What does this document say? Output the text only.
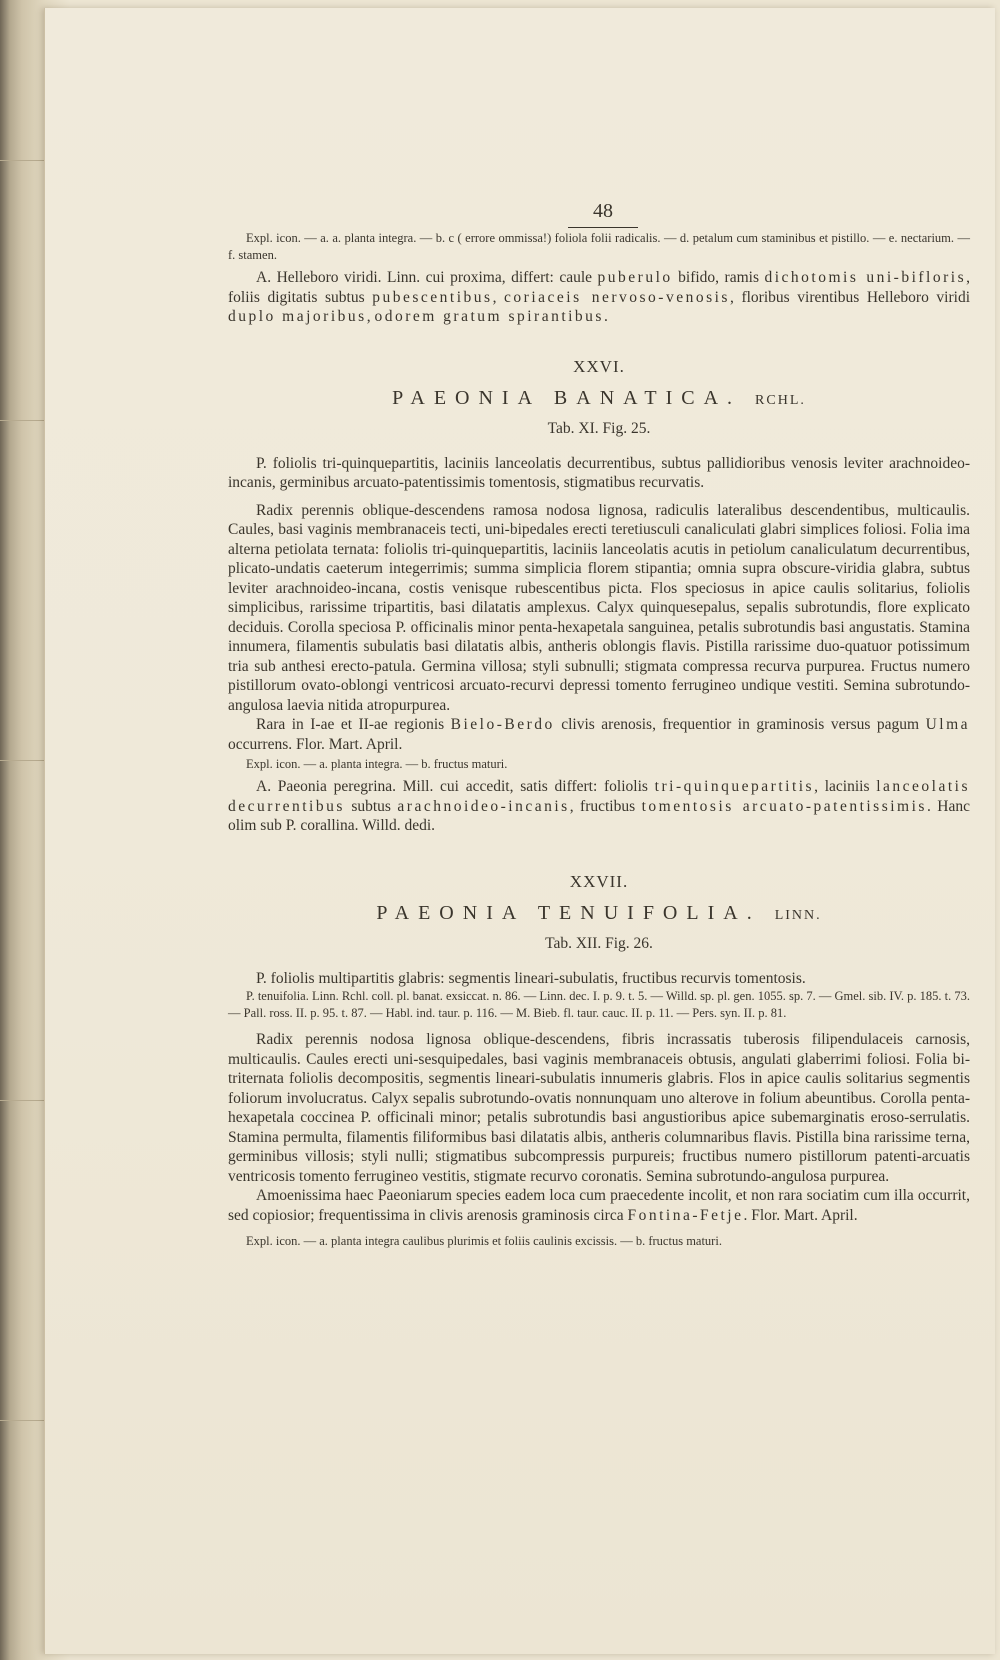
48

Expl. icon. — a. a. planta integra. — b. c ( errore ommissa!) foliola folii radicalis. — d. petalum cum staminibus et pistillo. — e. nectarium. — f. stamen.

A. Helleboro viridi. Linn. cui proxima, differt: caule puberulo bifido, ramis dichotomis uni-bifloris, foliis digitatis subtus pubescentibus, coriaceis nervoso-venosis, floribus virentibus Helleboro viridi duplo majoribus, odorem gratum spirantibus.

XXVI.
PAEONIA BANATICA. RCHL.
Tab. XI. Fig. 25.

P. foliolis tri-quinquepartitis, laciniis lanceolatis decurrentibus, subtus pallidioribus venosis leviter arachnoideo-incanis, germinibus arcuato-patentissimis tomentosis, stigmatibus recurvatis.

Radix perennis oblique-descendens ramosa nodosa lignosa, radiculis lateralibus descendentibus, multicaulis. Caules, basi vaginis membranaceis tecti, uni-bipedales erecti teretiusculi canaliculati glabri simplices foliosi. Folia ima alterna petiolata ternata: foliolis tri-quinquepartitis, laciniis lanceolatis acutis in petiolum canaliculatum decurrentibus, plicato-undatis caeterum integerrimis; summa simplicia florem stipantia; omnia supra obscure-viridia glabra, subtus leviter arachnoideo-incana, costis venisque rubescentibus picta. Flos speciosus in apice caulis solitarius, foliolis simplicibus, rarissime tripartitis, basi dilatatis amplexus. Calyx quinquesepalus, sepalis subrotundis, flore explicato deciduis. Corolla speciosa P. officinalis minor penta-hexapetala sanguinea, petalis subrotundis basi angustatis. Stamina innumera, filamentis subulatis basi dilatatis albis, antheris oblongis flavis. Pistilla rarissime duo-quatuor potissimum tria sub anthesi erecto-patula. Germina villosa; styli subnulli; stigmata compressa recurva purpurea. Fructus numero pistillorum ovato-oblongi ventricosi arcuato-recurvi depressi tomento ferrugineo undique vestiti. Semina subrotundo-angulosa laevia nitida atropurpurea.

Rara in I-ae et II-ae regionis Bielo-Berdo clivis arenosis, frequentior in graminosis versus pagum Ulma occurrens. Flor. Mart. April.

Expl. icon. — a. planta integra. — b. fructus maturi.

A. Paeonia peregrina. Mill. cui accedit, satis differt: foliolis tri-quinquepartitis, laciniis lanceolatis decurrentibus subtus arachnoideo-incanis, fructibus tomentosis arcuato-patentissimis. Hanc olim sub P. corallina. Willd. dedi.

XXVII.
PAEONIA TENUIFOLIA. LINN.
Tab. XII. Fig. 26.

P. foliolis multipartitis glabris: segmentis lineari-subulatis, fructibus recurvis tomentosis.

P. tenuifolia. Linn. Rchl. coll. pl. banat. exsiccat. n. 86. — Linn. dec. I. p. 9. t. 5. — Willd. sp. pl. gen. 1055. sp. 7. — Gmel. sib. IV. p. 185. t. 73. — Pall. ross. II. p. 95. t. 87. — Habl. ind. taur. p. 116. — M. Bieb. fl. taur. cauc. II. p. 11. — Pers. syn. II. p. 81.

Radix perennis nodosa lignosa oblique-descendens, fibris incrassatis tuberosis filipendulaceis carnosis, multicaulis. Caules erecti uni-sesquipedales, basi vaginis membranaceis obtusis, angulati glaberrimi foliosi. Folia bi-triternata foliolis decompositis, segmentis lineari-subulatis innumeris glabris. Flos in apice caulis solitarius segmentis foliorum involucratus. Calyx sepalis subrotundo-ovatis nonnunquam uno alterove in folium abeuntibus. Corolla penta-hexapetala coccinea P. officinali minor; petalis subrotundis basi angustioribus apice subemarginatis eroso-serrulatis. Stamina permulta, filamentis filiformibus basi dilatatis albis, antheris columnaribus flavis. Pistilla bina rarissime terna, germinibus villosis; styli nulli; stigmatibus subcompressis purpureis; fructibus numero pistillorum patenti-arcuatis ventricosis tomento ferrugineo vestitis, stigmate recurvo coronatis. Semina subrotundo-angulosa purpurea.

Amoenissima haec Paeoniarum species eadem loca cum praecedente incolit, et non rara sociatim cum illa occurrit, sed copiosior; frequentissima in clivis arenosis graminosis circa Fontina-Fetje. Flor. Mart. April.

Expl. icon. — a. planta integra caulibus plurimis et foliis caulinis excissis. — b. fructus maturi.
